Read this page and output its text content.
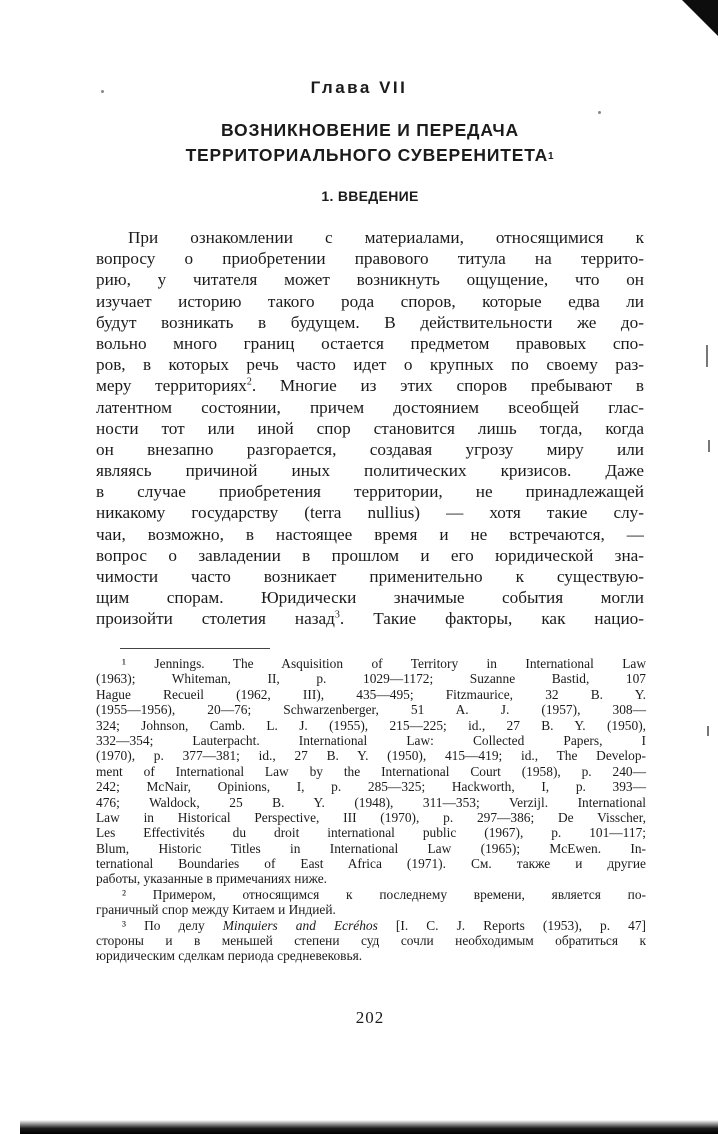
Глава VII
ВОЗНИКНОВЕНИЕ И ПЕРЕДАЧА
ТЕРРИТОРИАЛЬНОГО СУВЕРЕНИТЕТА$^1$
1. ВВЕДЕНИЕ
При ознакомлении с материалами, относящимися к
вопросу о приобретении правового титула на террито-
рию, у читателя может возникнуть ощущение, что он
изучает историю такого рода споров, которые едва ли
будут возникать в будущем. В действительности же до-
вольно много границ остается предметом правовых спо-
ров, в которых речь часто идет о крупных по своему раз-
меру территориях$^2$. Многие из этих споров пребывают в
латентном состоянии, причем достоянием всеобщей глас-
ности тот или иной спор становится лишь тогда, когда
он внезапно разгорается, создавая угрозу миру или
являясь причиной иных политических кризисов. Даже
в случае приобретения территории, не принадлежащей
никакому государству (terra nullius) — хотя такие слу-
чаи, возможно, в настоящее время и не встречаются, —
вопрос о завладении в прошлом и его юридической зна-
чимости часто возникает применительно к существую-
щим спорам. Юридически значимые события могли
произойти столетия назад$^3$. Такие факторы, как нацио-
¹ Jennings. The Asquisition of Territory in International Law
(1963); Whiteman, II, p. 1029—1172; Suzanne Bastid, 107
Hague Recueil (1962, III), 435—495; Fitzmaurice, 32 B. Y.
(1955—1956), 20—76; Schwarzenberger, 51 A. J. (1957), 308—
324; Johnson, Camb. L. J. (1955), 215—225; id., 27 B. Y. (1950),
332—354; Lauterpacht. International Law: Collected Papers, I
(1970), p. 377—381; id., 27 B. Y. (1950), 415—419; id., The Develop-
ment of International Law by the International Court (1958), p. 240—
242; McNair, Opinions, I, p. 285—325; Hackworth, I, p. 393—
476; Waldock, 25 B. Y. (1948), 311—353; Verzijl. International
Law in Historical Perspective, III (1970), p. 297—386; De Visscher,
Les Effectivités du droit international public (1967), p. 101—117;
Blum, Historic Titles in International Law (1965); McEwen. In-
ternational Boundaries of East Africa (1971). См. также и другие
работы, указанные в примечаниях ниже.
² Примером, относящимся к последнему времени, является по-
граничный спор между Китаем и Индией.
³ По делу Minquiers and Ecréhos [I. C. J. Reports (1953), p. 47]
стороны и в меньшей степени суд сочли необходимым обратиться к
юридическим сделкам периода средневековья.
202
